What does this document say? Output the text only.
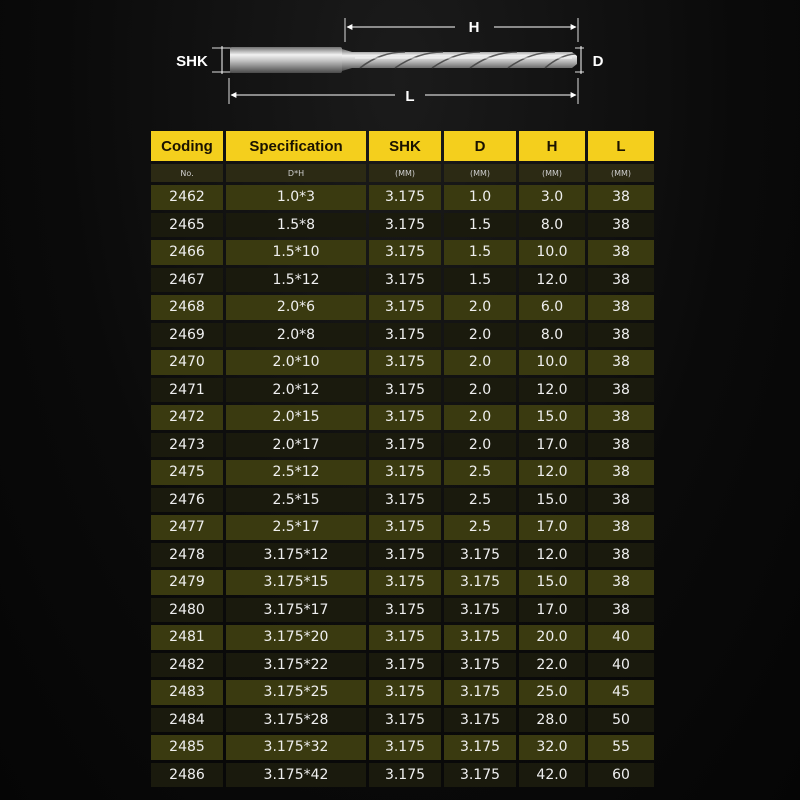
H
SHK	D
L
Coding	Specification	SHK	D	H	L
No.	D*H	(MM)	(MM)	(MM)	(MM)
2462	1.0*3	3.175	1.0	3.0	38
2465	1.5*8	3.175	1.5	8.0	38
2466	1.5*10	3.175	1.5	10.0	38
2467	1.5*12	3.175	1.5	12.0	38
2468	2.0*6	3.175	2.0	6.0	38
2469	2.0*8	3.175	2.0	8.0	38
2470	2.0*10	3.175	2.0	10.0	38
2471	2.0*12	3.175	2.0	12.0	38
2472	2.0*15	3.175	2.0	15.0	38
2473	2.0*17	3.175	2.0	17.0	38
2475	2.5*12	3.175	2.5	12.0	38
2476	2.5*15	3.175	2.5	15.0	38
2477	2.5*17	3.175	2.5	17.0	38
2478	3.175*12	3.175	3.175	12.0	38
2479	3.175*15	3.175	3.175	15.0	38
2480	3.175*17	3.175	3.175	17.0	38
2481	3.175*20	3.175	3.175	20.0	40
2482	3.175*22	3.175	3.175	22.0	40
2483	3.175*25	3.175	3.175	25.0	45
2484	3.175*28	3.175	3.175	28.0	50
2485	3.175*32	3.175	3.175	32.0	55
2486	3.175*42	3.175	3.175	42.0	60
